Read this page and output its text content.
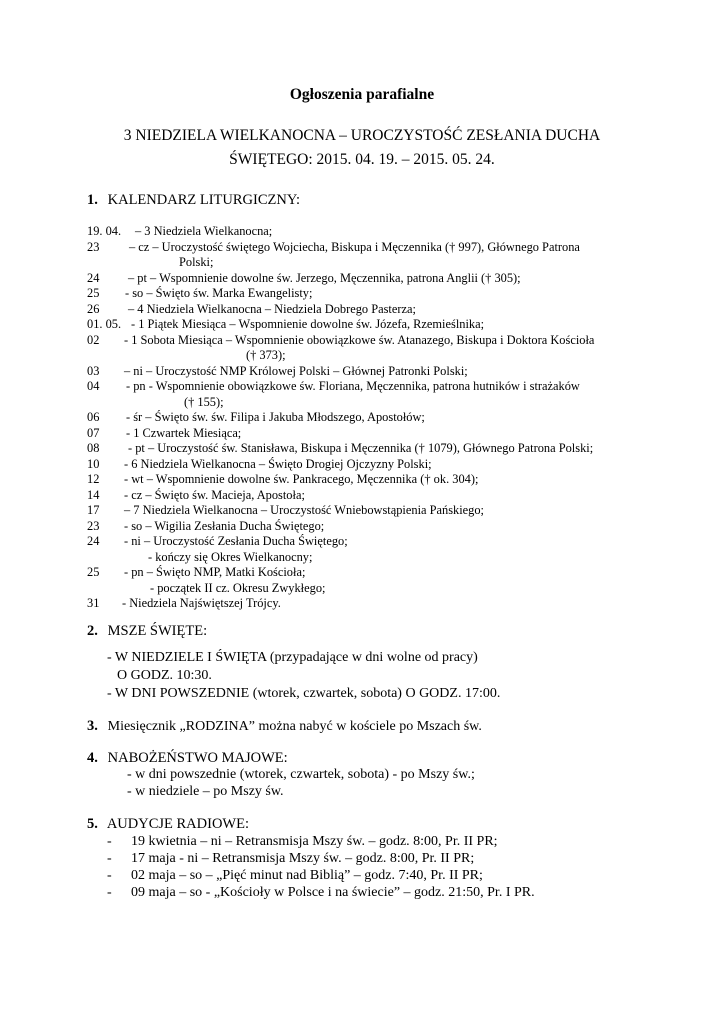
Ogłoszenia parafialne
3 NIEDZIELA WIELKANOCNA – UROCZYSTOŚĆ ZESŁANIA DUCHA
ŚWIĘTEGO: 2015. 04. 19. – 2015. 05. 24.
1. KALENDARZ LITURGICZNY:
19. 04. – 3 Niedziela Wielkanocna;
23 – cz – Uroczystość świętego Wojciecha, Biskupa i Męczennika († 997), Głównego Patrona
Polski;
24 – pt – Wspomnienie dowolne św. Jerzego, Męczennika, patrona Anglii († 305);
25 - so – Święto św. Marka Ewangelisty;
26 – 4 Niedziela Wielkanocna – Niedziela Dobrego Pasterza;
01. 05. - 1 Piątek Miesiąca – Wspomnienie dowolne św. Józefa, Rzemieślnika;
02 - 1 Sobota Miesiąca – Wspomnienie obowiązkowe św. Atanazego, Biskupa i Doktora Kościoła
(† 373);
03 – ni – Uroczystość NMP Królowej Polski – Głównej Patronki Polski;
04 - pn - Wspomnienie obowiązkowe św. Floriana, Męczennika, patrona hutników i strażaków
(† 155);
06 - śr – Święto św. św. Filipa i Jakuba Młodszego, Apostołów;
07 - 1 Czwartek Miesiąca;
08 - pt – Uroczystość św. Stanisława, Biskupa i Męczennika († 1079), Głównego Patrona Polski;
10 - 6 Niedziela Wielkanocna – Święto Drogiej Ojczyzny Polski;
12 - wt – Wspomnienie dowolne św. Pankracego, Męczennika († ok. 304);
14 - cz – Święto św. Macieja, Apostoła;
17 – 7 Niedziela Wielkanocna – Uroczystość Wniebowstąpienia Pańskiego;
23 - so – Wigilia Zesłania Ducha Świętego;
24 - ni – Uroczystość Zesłania Ducha Świętego;
- kończy się Okres Wielkanocny;
25 - pn – Święto NMP, Matki Kościoła;
- początek II cz. Okresu Zwykłego;
31 - Niedziela Najświętszej Trójcy.
2. MSZE ŚWIĘTE:
- W NIEDZIELE I ŚWIĘTA (przypadające w dni wolne od pracy)
O GODZ. 10:30.
- W DNI POWSZEDNIE (wtorek, czwartek, sobota) O GODZ. 17:00.
3. Miesięcznik „RODZINA” można nabyć w kościele po Mszach św.
4. NABOŻEŃSTWO MAJOWE:
- w dni powszednie (wtorek, czwartek, sobota) - po Mszy św.;
- w niedziele – po Mszy św.
5. AUDYCJE RADIOWE:
- 19 kwietnia – ni – Retransmisja Mszy św. – godz. 8:00, Pr. II PR;
- 17 maja - ni – Retransmisja Mszy św. – godz. 8:00, Pr. II PR;
- 02 maja – so – „Pięć minut nad Biblią” – godz. 7:40, Pr. II PR;
- 09 maja – so - „Kościoły w Polsce i na świecie” – godz. 21:50, Pr. I PR.
